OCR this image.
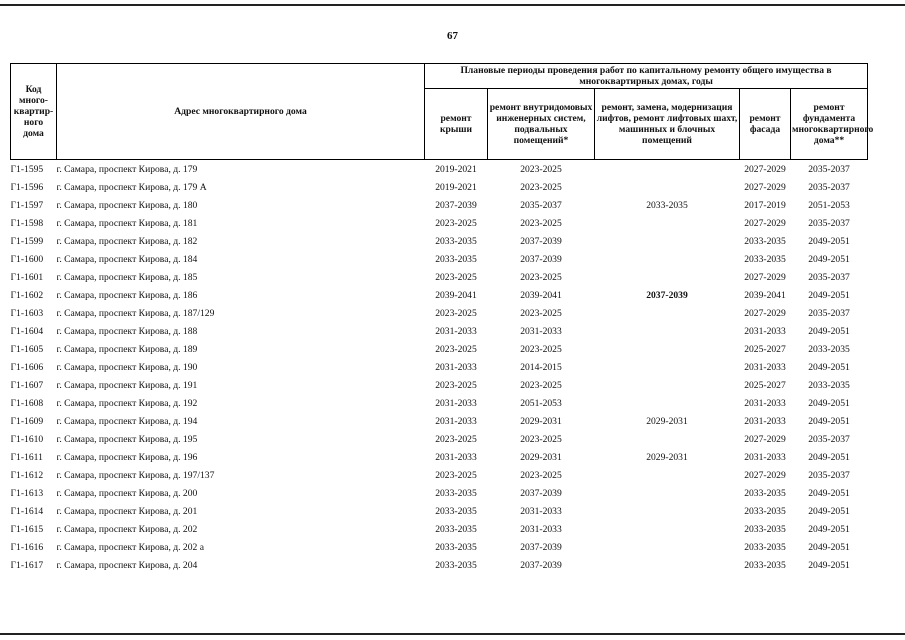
67
Код
много-
квартир-
ного
дома	Адрес многоквартирного дома	Плановые периоды проведения работ по капитальному ремонту общего имущества в многоквартирных домах, годы				
		ремонт крыши	ремонт внутридомовых инженерных систем, подвальных помещений*	ремонт, замена, модернизация лифтов, ремонт лифтовых шахт, машинных и блочных помещений	ремонт фасада	ремонт фундамента многоквартирного дома**
Г1-1595	г. Самара, проспект Кирова, д. 179	2019-2021	2023-2025		2027-2029	2035-2037
Г1-1596	г. Самара, проспект Кирова, д. 179 А	2019-2021	2023-2025		2027-2029	2035-2037
Г1-1597	г. Самара, проспект Кирова, д. 180	2037-2039	2035-2037	2033-2035	2017-2019	2051-2053
Г1-1598	г. Самара, проспект Кирова, д. 181	2023-2025	2023-2025		2027-2029	2035-2037
Г1-1599	г. Самара, проспект Кирова, д. 182	2033-2035	2037-2039		2033-2035	2049-2051
Г1-1600	г. Самара, проспект Кирова, д. 184	2033-2035	2037-2039		2033-2035	2049-2051
Г1-1601	г. Самара, проспект Кирова, д. 185	2023-2025	2023-2025		2027-2029	2035-2037
Г1-1602	г. Самара, проспект Кирова, д. 186	2039-2041	2039-2041	2037-2039	2039-2041	2049-2051
Г1-1603	г. Самара, проспект Кирова, д. 187/129	2023-2025	2023-2025		2027-2029	2035-2037
Г1-1604	г. Самара, проспект Кирова, д. 188	2031-2033	2031-2033		2031-2033	2049-2051
Г1-1605	г. Самара, проспект Кирова, д. 189	2023-2025	2023-2025		2025-2027	2033-2035
Г1-1606	г. Самара, проспект Кирова, д. 190	2031-2033	2014-2015		2031-2033	2049-2051
Г1-1607	г. Самара, проспект Кирова, д. 191	2023-2025	2023-2025		2025-2027	2033-2035
Г1-1608	г. Самара, проспект Кирова, д. 192	2031-2033	2051-2053		2031-2033	2049-2051
Г1-1609	г. Самара, проспект Кирова, д. 194	2031-2033	2029-2031	2029-2031	2031-2033	2049-2051
Г1-1610	г. Самара, проспект Кирова, д. 195	2023-2025	2023-2025		2027-2029	2035-2037
Г1-1611	г. Самара, проспект Кирова, д. 196	2031-2033	2029-2031	2029-2031	2031-2033	2049-2051
Г1-1612	г. Самара, проспект Кирова, д. 197/137	2023-2025	2023-2025		2027-2029	2035-2037
Г1-1613	г. Самара, проспект Кирова, д. 200	2033-2035	2037-2039		2033-2035	2049-2051
Г1-1614	г. Самара, проспект Кирова, д. 201	2033-2035	2031-2033		2033-2035	2049-2051
Г1-1615	г. Самара, проспект Кирова, д. 202	2033-2035	2031-2033		2033-2035	2049-2051
Г1-1616	г. Самара, проспект Кирова, д. 202 а	2033-2035	2037-2039		2033-2035	2049-2051
Г1-1617	г. Самара, проспект Кирова, д. 204	2033-2035	2037-2039		2033-2035	2049-2051
